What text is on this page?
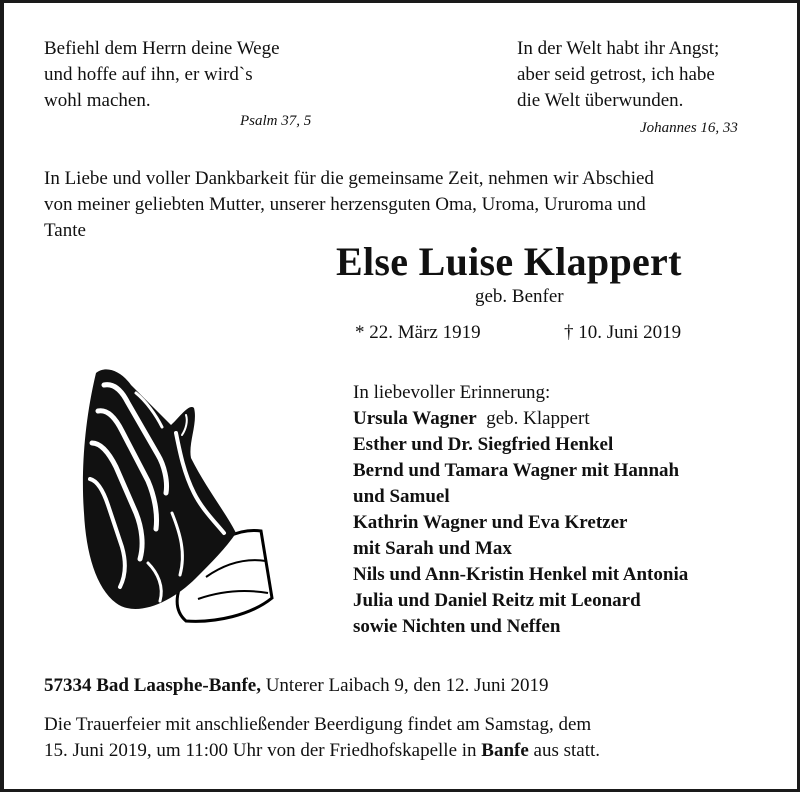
Befiehl dem Herrn deine Wege
und hoffe auf ihn, er wird`s
wohl machen.
Psalm 37, 5
In der Welt habt ihr Angst;
aber seid getrost, ich habe
die Welt überwunden.
Johannes 16, 33
In Liebe und voller Dankbarkeit für die gemeinsame Zeit, nehmen wir Abschied
von meiner geliebten Mutter, unserer herzensguten Oma, Uroma, Ururoma und
Tante
Else Luise Klappert
geb. Benfer
* 22. März 1919	† 10. Juni 2019
In liebevoller Erinnerung:
Ursula Wagner geb. Klappert
Esther und Dr. Siegfried Henkel
Bernd und Tamara Wagner mit Hannah
und Samuel
Kathrin Wagner und Eva Kretzer
mit Sarah und Max
Nils und Ann-Kristin Henkel mit Antonia
Julia und Daniel Reitz mit Leonard
sowie Nichten und Neffen
57334 Bad Laasphe-Banfe, Unterer Laibach 9, den 12. Juni 2019
Die Trauerfeier mit anschließender Beerdigung findet am Samstag, dem
15. Juni 2019, um 11:00 Uhr von der Friedhofskapelle in Banfe aus statt.
